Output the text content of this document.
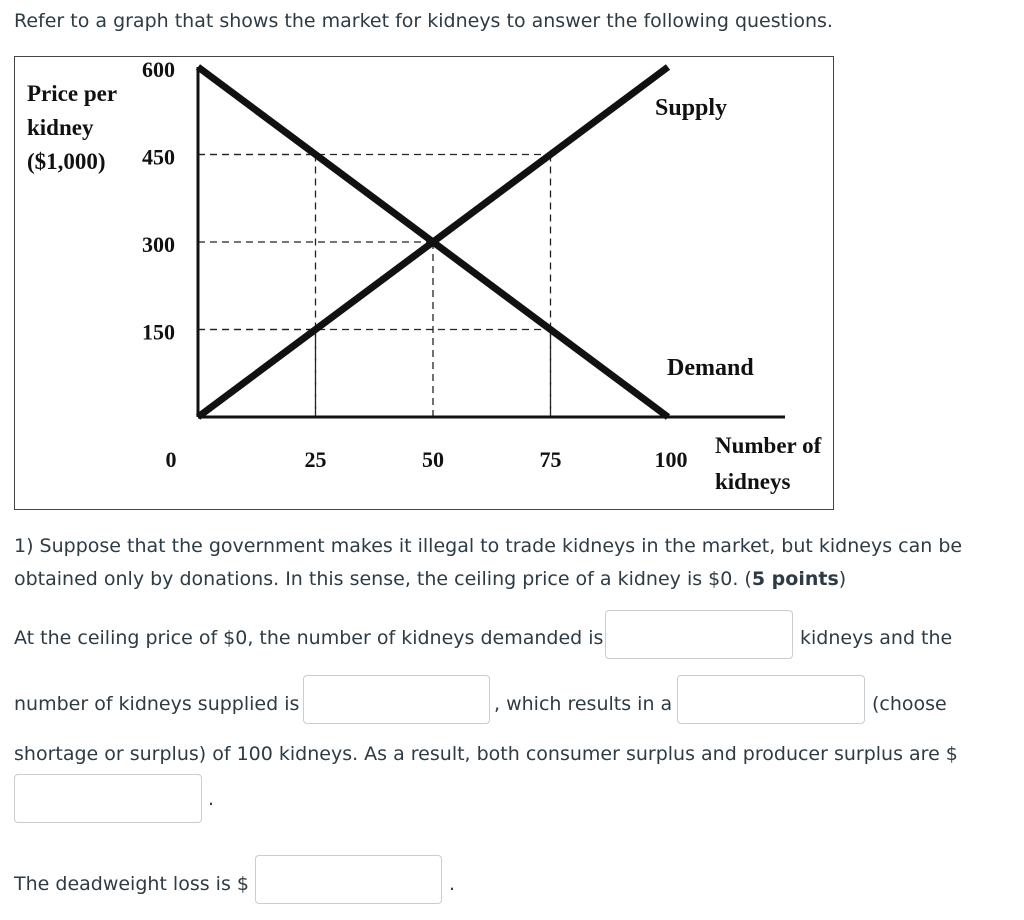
Refer to a graph that shows the market for kidneys to answer the following questions.
Supply
Demand
600
450
300
150
0	25	50	75	100
Price per
kidney
($1,000)
Number of
kidneys
1) Suppose that the government makes it illegal to trade kidneys in the market, but kidneys can be obtained only by donations. In this sense, the ceiling price of a kidney is $0. (5 points)
At the ceiling price of $0, the number of kidneys demanded is	kidneys and the
number of kidneys supplied is	, which results in a	(choose
shortage or surplus) of 100 kidneys. As a result, both consumer surplus and producer surplus are $
.
The deadweight loss is $	.
